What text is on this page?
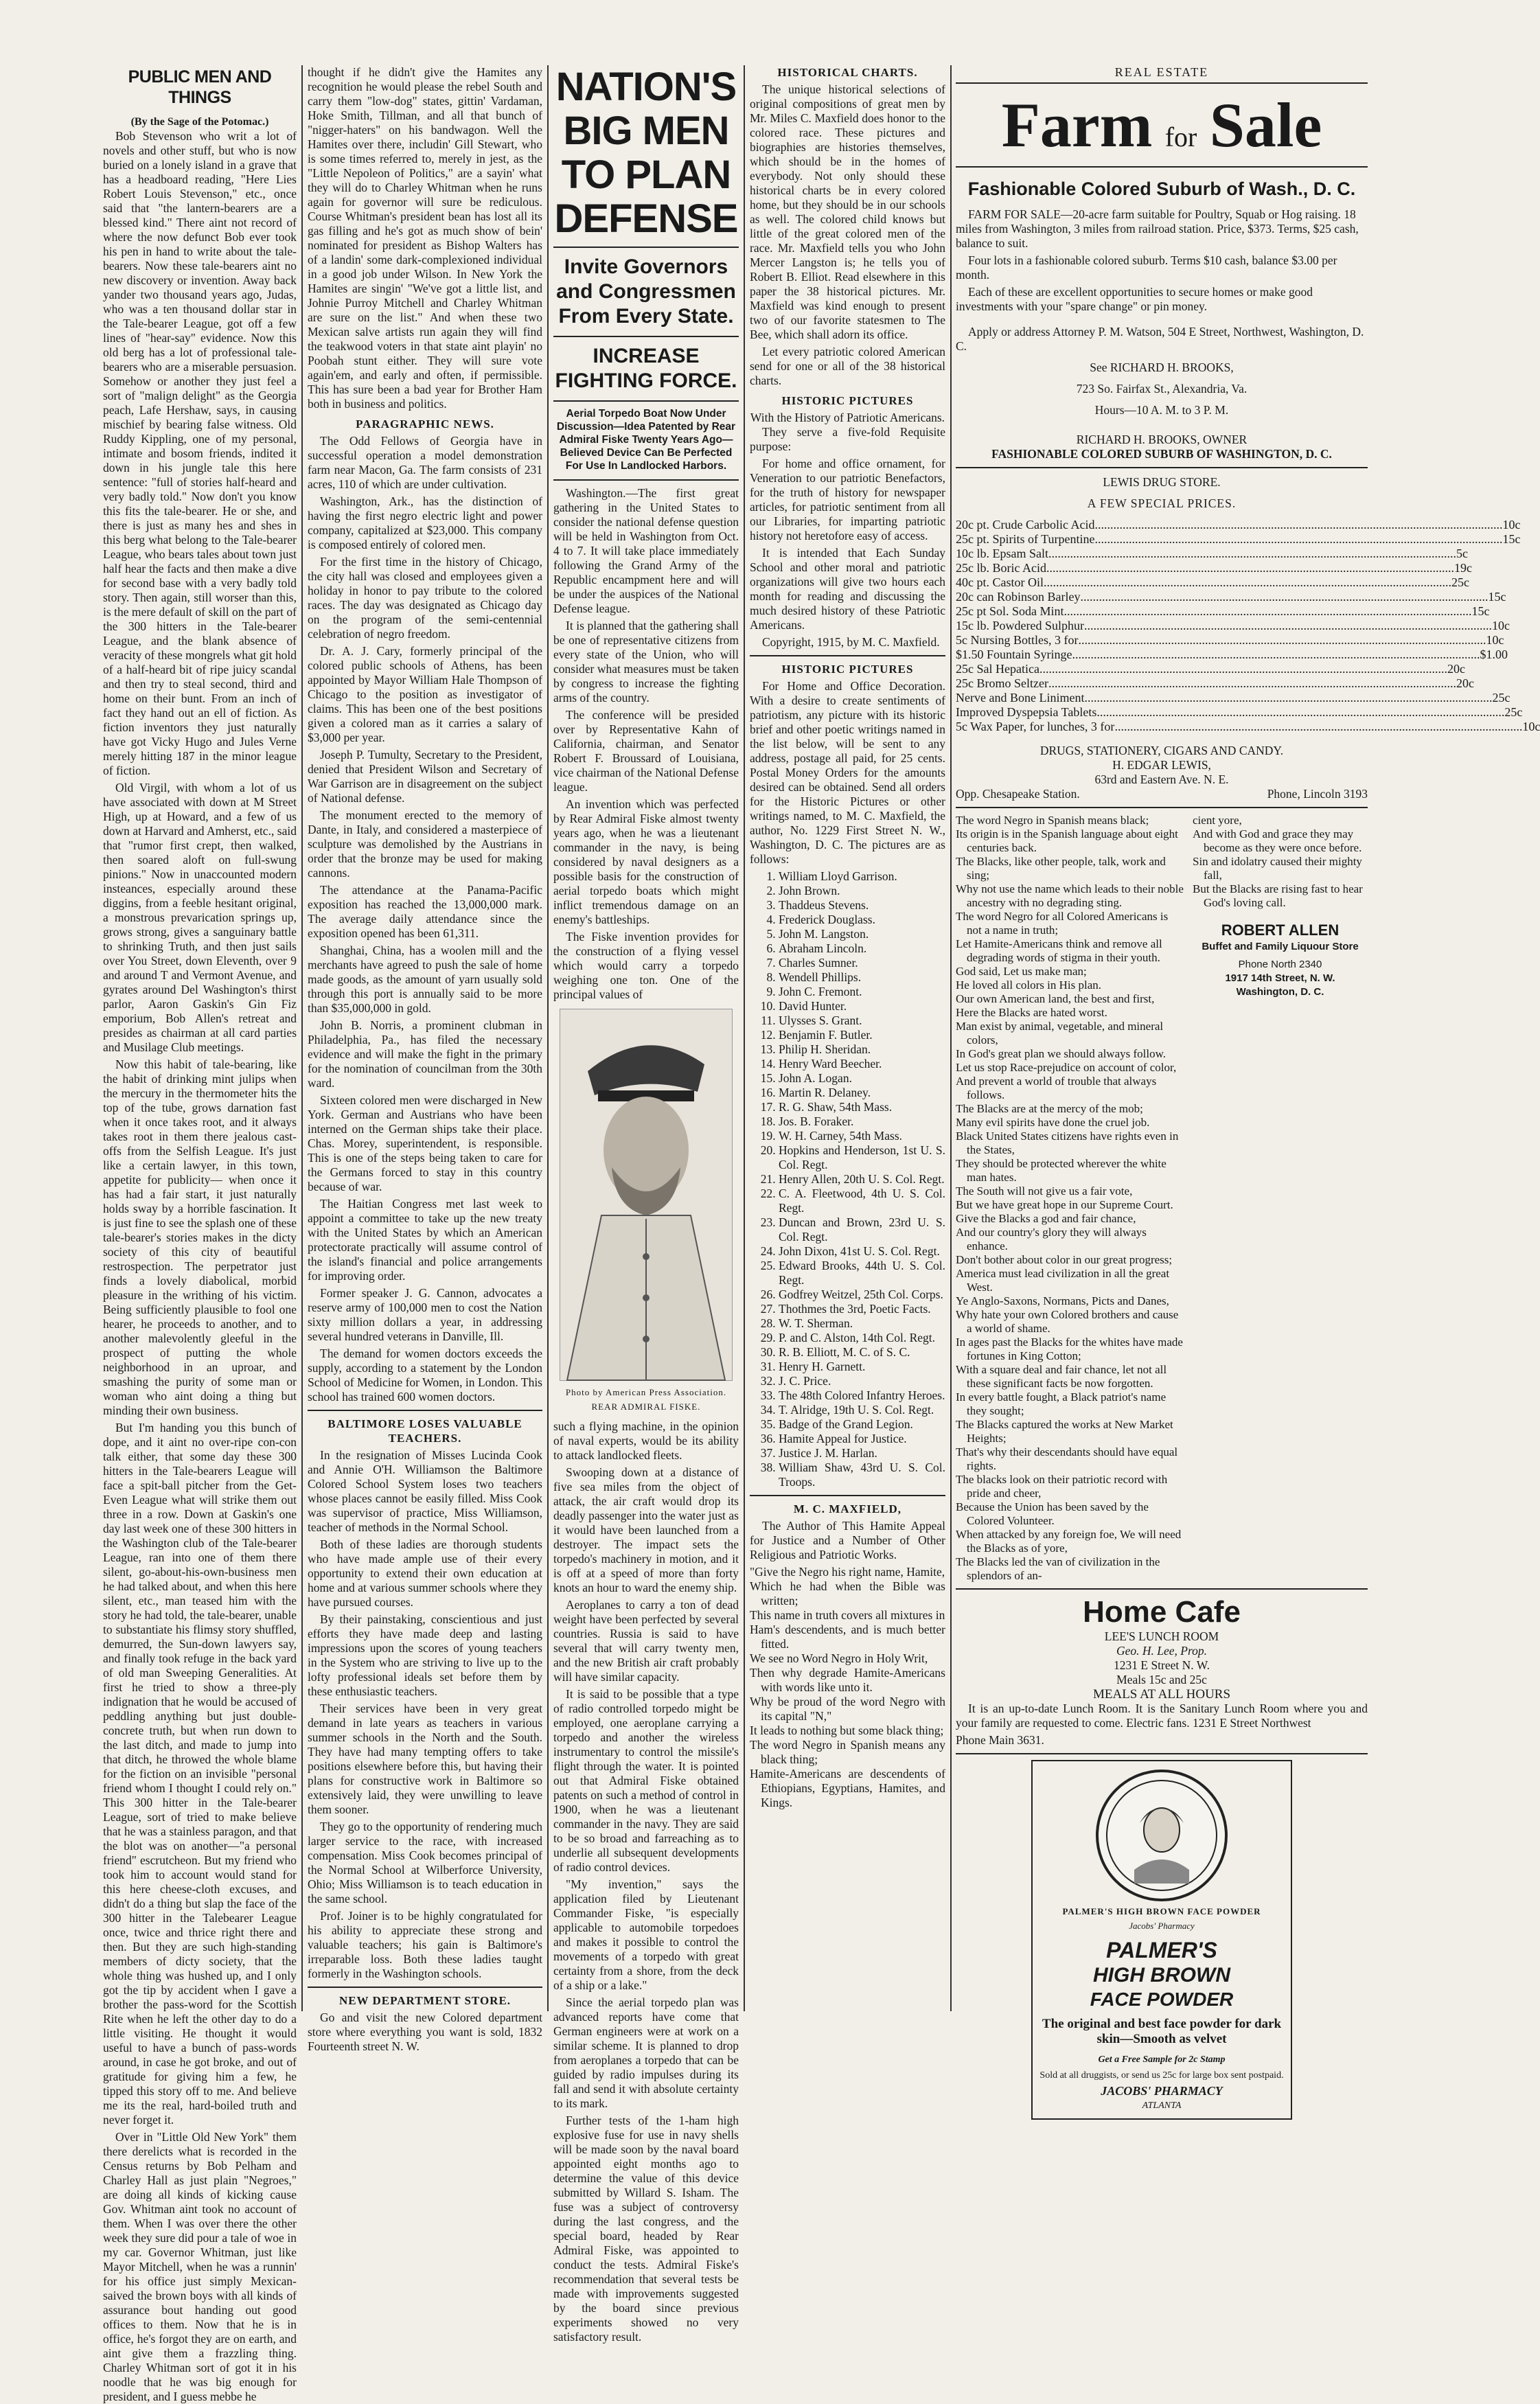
PUBLIC MEN AND THINGS
(By the Sage of the Potomac.)

Bob Stevenson who writ a lot of novels and other stuff, but who is now buried on a lonely island in a grave that has a headboard reading, "Here Lies Robert Louis Stevenson," etc., once said that "the lantern-bearers are a blessed kind." There aint not record of where the now defunct Bob ever took his pen in hand to write about the tale-bearers. Now these tale-bearers aint no new discovery or invention. Away back yander two thousand years ago, Judas, who was a ten thousand dollar star in the Tale-bearer League, got off a few lines of "hear-say" evidence. Now this old berg has a lot of professional tale-bearers who are a miserable persuasion. Somehow or another they just feel a sort of "malign delight" as the Georgia peach, Lafe Hershaw, says, in causing mischief by bearing false witness. Old Ruddy Kippling, one of my personal, intimate and bosom friends, indited it down in his jungle tale this here sentence: "full of stories half-heard and very badly told." Now don't you know this fits the tale-bearer. He or she, and there is just as many hes and shes in this berg what belong to the Tale-bearer League, who bears tales about town just half hear the facts and then make a dive for second base with a very badly told story. Then again, still worser than this, is the mere default of skill on the part of the 300 hitters in the Tale-bearer League, and the blank absence of veracity of these mongrels what git hold of a half-heard bit of ripe juicy scandal and then try to steal second, third and home on their bunt. From an inch of fact they hand out an ell of fiction. As fiction inventors they just naturally have got Vicky Hugo and Jules Verne merely hitting 187 in the minor league of fiction.

Old Virgil, with whom a lot of us have associated with down at M Street High, up at Howard, and a few of us down at Harvard and Amherst, etc., said that "rumor first crept, then walked, then soared aloft on full-swung pinions." Now in unaccounted modern insteances, especially around these diggins, from a feeble hesitant original, a monstrous prevarication springs up, grows strong, gives a sanguinary battle to shrinking Truth, and then just sails over You Street, down Eleventh, over 9 and around T and Vermont Avenue, and gyrates around Del Washington's thirst parlor, Aaron Gaskin's Gin Fiz emporium, Bob Allen's retreat and presides as chairman at all card parties and Musilage Club meetings.

Now this habit of tale-bearing, like the habit of drinking mint julips when the mercury in the thermometer hits the top of the tube, grows darnation fast when it once takes root, and it always takes root in them there jealous cast-offs from the Selfish League. It's just like a certain lawyer, in this town, appetite for publicity— when once it has had a fair start, it just naturally holds sway by a horrible fascination. It is just fine to see the splash one of these tale-bearer's stories makes in the dicty society of this city of beautiful restrospection. The perpetrator just finds a lovely diabolical, morbid pleasure in the writhing of his victim. Being sufficiently plausible to fool one hearer, he proceeds to another, and to another malevolently gleeful in the prospect of putting the whole neighborhood in an uproar, and smashing the purity of some man or woman who aint doing a thing but minding their own business.

But I'm handing you this bunch of dope, and it aint no over-ripe con-con talk either, that some day these 300 hitters in the Tale-bearers League will face a spit-ball pitcher from the Get-Even League what will strike them out three in a row. Down at Gaskin's one day last week one of these 300 hitters in the Washington club of the Tale-bearer League, ran into one of them there silent, go-about-his-own-business men he had talked about, and when this here silent, etc., man teased him with the story he had told, the tale-bearer, unable to substantiate his flimsy story shuffled, demurred, the Sun-down lawyers say, and finally took refuge in the back yard of old man Sweeping Generalities. At first he tried to show a three-ply indignation that he would be accused of peddling anything but just double-concrete truth, but when run down to the last ditch, and made to jump into that ditch, he throwed the whole blame for the fiction on an invisible "personal friend whom I thought I could rely on." This 300 hitter in the Tale-bearer League, sort of tried to make believe that he was a stainless paragon, and that the blot was on another—"a personal friend" escrutcheon. But my friend who took him to account would stand for this here cheese-cloth excuses, and didn't do a thing but slap the face of the 300 hitter in the Talebearer League once, twice and thrice right there and then. But they are such high-standing members of dicty society, that the whole thing was hushed up, and I only got the tip by accident when I gave a brother the pass-word for the Scottish Rite when he left the other day to do a little visiting. He thought it would useful to have a bunch of pass-words around, in case he got broke, and out of gratitude for giving him a few, he tipped this story off to me. And believe me its the real, hard-boiled truth and never forget it.

Over in "Little Old New York" them there derelicts what is recorded in the Census returns by Bob Pelham and Charley Hall as just plain "Negroes," are doing all kinds of kicking cause Gov. Whitman aint took no account of them. When I was over there the other week they sure did pour a tale of woe in my car. Governor Whitman, just like Mayor Mitchell, when he was a runnin' for his office just simply Mexican-saived the brown boys with all kinds of assurance bout handing out good offices to them. Now that he is in office, he's forgot they are on earth, and aint give them a frazzling thing. Charley Whitman sort of got it in his noodle that he was big enough for president, and I guess mebbe he

thought if he didn't give the Hamites any recognition he would please the rebel South and carry them "low-dog" states, gittin' Vardaman, Hoke Smith, Tillman, and all that bunch of "nigger-haters" on his bandwagon. Well the Hamites over there, includin' Gill Stewart, who is some times referred to, merely in jest, as the "Little Nepoleon of Politics," are a sayin' what they will do to Charley Whitman when he runs again for governor will sure be rediculous. Course Whitman's president bean has lost all its gas filling and he's got as much show of bein' nominated for president as Bishop Walters has of a landin' some dark-complexioned individual in a good job under Wilson. In New York the Hamites are singin' "We've got a little list, and Johnie Purroy Mitchell and Charley Whitman are sure on the list." And when these two Mexican salve artists run again they will find the teakwood voters in that state aint playin' no Poobah stunt either. They will sure vote again'em, and early and often, if permissible. This has sure been a bad year for Brother Ham both in business and politics.

PARAGRAPHIC NEWS.

The Odd Fellows of Georgia have in successful operation a model demonstration farm near Macon, Ga. The farm consists of 231 acres, 110 of which are under cultivation.

Washington, Ark., has the distinction of having the first negro electric light and power company, capitalized at $23,000. This company is composed entirely of colored men.

For the first time in the history of Chicago, the city hall was closed and employees given a holiday in honor to pay tribute to the colored races. The day was designated as Chicago day on the program of the semi-centennial celebration of negro freedom.

Dr. A. J. Cary, formerly principal of the colored public schools of Athens, has been appointed by Mayor William Hale Thompson of Chicago to the position as investigator of claims. This has been one of the best positions given a colored man as it carries a salary of $3,000 per year.

Joseph P. Tumulty, Secretary to the President, denied that President Wilson and Secretary of War Garrison are in disagreement on the subject of National defense.

The monument erected to the memory of Dante, in Italy, and considered a masterpiece of sculpture was demolished by the Austrians in order that the bronze may be used for making cannons.

The attendance at the Panama-Pacific exposition has reached the 13,000,000 mark. The average daily attendance since the exposition opened has been 61,311.

Shanghai, China, has a woolen mill and the merchants have agreed to push the sale of home made goods, as the amount of yarn usually sold through this port is annually said to be more than $35,000,000 in gold.

John B. Norris, a prominent clubman in Philadelphia, Pa., has filed the necessary evidence and will make the fight in the primary for the nomination of councilman from the 30th ward.

Sixteen colored men were discharged in New York. German and Austrians who have been interned on the German ships take their place. Chas. Morey, superintendent, is responsible. This is one of the steps being taken to care for the Germans forced to stay in this country because of war.

The Haitian Congress met last week to appoint a committee to take up the new treaty with the United States by which an American protectorate practically will assume control of the island's financial and police arrangements for improving order.

Former speaker J. G. Cannon, advocates a reserve army of 100,000 men to cost the Nation sixty million dollars a year, in addressing several hundred veterans in Danville, Ill.

The demand for women doctors exceeds the supply, according to a statement by the London School of Medicine for Women, in London. This school has trained 600 women doctors.

BALTIMORE LOSES VALUABLE TEACHERS.

In the resignation of Misses Lucinda Cook and Annie O'H. Williamson the Baltimore Colored School System loses two teachers whose places cannot be easily filled. Miss Cook was supervisor of practice, Miss Williamson, teacher of methods in the Normal School.

Both of these ladies are thorough students who have made ample use of their every opportunity to extend their own education at home and at various summer schools where they have pursued courses.

By their painstaking, conscientious and just efforts they have made deep and lasting impressions upon the scores of young teachers in the System who are striving to live up to the lofty professional ideals set before them by these enthusiastic teachers.

Their services have been in very great demand in late years as teachers in various summer schools in the North and the South. They have had many tempting offers to take positions elsewhere before this, but having their plans for constructive work in Baltimore so extensively laid, they were unwilling to leave them sooner.

They go to the opportunity of rendering much larger service to the race, with increased compensation. Miss Cook becomes principal of the Normal School at Wilberforce University, Ohio; Miss Williamson is to teach education in the same school.

Prof. Joiner is to be highly congratulated for his ability to appreciate these strong and valuable teachers; his gain is Baltimore's irreparable loss. Both these ladies taught formerly in the Washington schools.

NEW DEPARTMENT STORE.

Go and visit the new Colored department store where everything you want is sold, 1832 Fourteenth street N. W.

NATION'S BIG MEN TO PLAN DEFENSE
Invite Governors and Congressmen From Every State.
INCREASE FIGHTING FORCE.
Aerial Torpedo Boat Now Under Discussion—Idea Patented by Rear Admiral Fiske Twenty Years Ago—Believed Device Can Be Perfected For Use In Landlocked Harbors.

Washington.—The first great gathering in the United States to consider the national defense question will be held in Washington from Oct. 4 to 7. It will take place immediately following the Grand Army of the Republic encampment here and will be under the auspices of the National Defense league.

It is planned that the gathering shall be one of representative citizens from every state of the Union, who will consider what measures must be taken by congress to increase the fighting arms of the country.

The conference will be presided over by Representative Kahn of California, chairman, and Senator Robert F. Broussard of Louisiana, vice chairman of the National Defense league.

An invention which was perfected by Rear Admiral Fiske almost twenty years ago, when he was a lieutenant commander in the navy, is being considered by naval designers as a possible basis for the construction of aerial torpedo boats which might inflict tremendous damage on an enemy's battleships.

The Fiske invention provides for the construction of a flying vessel which would carry a torpedo weighing one ton. One of the principal values of

Photo by American Press Association.
REAR ADMIRAL FISKE.

such a flying machine, in the opinion of naval experts, would be its ability to attack landlocked fleets.

Swooping down at a distance of five sea miles from the object of attack, the air craft would drop its deadly passenger into the water just as it would have been launched from a destroyer. The impact sets the torpedo's machinery in motion, and it is off at a speed of more than forty knots an hour to ward the enemy ship.

Aeroplanes to carry a ton of dead weight have been perfected by several countries. Russia is said to have several that will carry twenty men, and the new British air craft probably will have similar capacity.

It is said to be possible that a type of radio controlled torpedo might be employed, one aeroplane carrying a torpedo and another the wireless instrumentary to control the missile's flight through the water. It is pointed out that Admiral Fiske obtained patents on such a method of control in 1900, when he was a lieutenant commander in the navy. They are said to be so broad and farreaching as to underlie all subsequent developments of radio control devices.

"My invention," says the application filed by Lieutenant Commander Fiske, "is especially applicable to automobile torpedoes and makes it possible to control the movements of a torpedo with great certainty from a shore, from the deck of a ship or a lake."

Since the aerial torpedo plan was advanced reports have come that German engineers were at work on a similar scheme. It is planned to drop from aeroplanes a torpedo that can be guided by radio impulses during its fall and send it with absolute certainty to its mark.

Further tests of the 1-ham high explosive fuse for use in navy shells will be made soon by the naval board appointed eight months ago to determine the value of this device submitted by Willard S. Isham. The fuse was a subject of controversy during the last congress, and the special board, headed by Rear Admiral Fiske, was appointed to conduct the tests. Admiral Fiske's recommendation that several tests be made with improvements suggested by the board since previous experiments showed no very satisfactory result.

HISTORICAL CHARTS.

The unique historical selections of original compositions of great men by Mr. Miles C. Maxfield does honor to the colored race. These pictures and biographies are histories themselves, which should be in the homes of everybody. Not only should these historical charts be in every colored home, but they should be in our schools as well. The colored child knows but little of the great colored men of the race. Mr. Maxfield tells you who John Mercer Langston is; he tells you of Robert B. Elliot. Read elsewhere in this paper the 38 historical pictures. Mr. Maxfield was kind enough to present two of our favorite statesmen to The Bee, which shall adorn its office.

Let every patriotic colored American send for one or all of the 38 historical charts.

HISTORIC PICTURES
With the History of Patriotic Americans.

They serve a five-fold Requisite purpose:

For home and office ornament, for Veneration to our patriotic Benefactors, for the truth of history for newspaper articles, for patriotic sentiment from all our Libraries, for imparting patriotic history not heretofore easy of access.

It is intended that Each Sunday School and other moral and patriotic organizations will give two hours each month for reading and discussing the much desired history of these Patriotic Americans.

Copyright, 1915, by M. C. Maxfield.

HISTORIC PICTURES

For Home and Office Decoration. With a desire to create sentiments of patriotism, any picture with its historic brief and other poetic writings named in the list below, will be sent to any address, postage all paid, for 25 cents. Postal Money Orders for the amounts desired can be obtained. Send all orders for the Historic Pictures or other writings named, to M. C. Maxfield, the author, No. 1229 First Street N. W., Washington, D. C. The pictures are as follows:

1. William Lloyd Garrison.
2. John Brown.
3. Thaddeus Stevens.
4. Frederick Douglass.
5. John M. Langston.
6. Abraham Lincoln.
7. Charles Sumner.
8. Wendell Phillips.
9. John C. Fremont.
10. David Hunter.
11. Ulysses S. Grant.
12. Benjamin F. Butler.
13. Philip H. Sheridan.
14. Henry Ward Beecher.
15. John A. Logan.
16. Martin R. Delaney.
17. R. G. Shaw, 54th Mass.
18. Jos. B. Foraker.
19. W. H. Carney, 54th Mass.
20. Hopkins and Henderson, 1st U. S. Col. Regt.
21. Henry Allen, 20th U. S. Col. Regt.
22. C. A. Fleetwood, 4th U. S. Col. Regt.
23. Duncan and Brown, 23rd U. S. Col. Regt.
24. John Dixon, 41st U. S. Col. Regt.
25. Edward Brooks, 44th U. S. Col. Regt.
26. Godfrey Weitzel, 25th Col. Corps.
27. Thothmes the 3rd, Poetic Facts.
28. W. T. Sherman.
29. P. and C. Alston, 14th Col. Regt.
30. R. B. Elliott, M. C. of S. C.
31. Henry H. Garnett.
32. J. C. Price.
33. The 48th Colored Infantry Heroes.
34. T. Alridge, 19th U. S. Col. Regt.
35. Badge of the Grand Legion.
36. Hamite Appeal for Justice.
37. Justice J. M. Harlan.
38. William Shaw, 43rd U. S. Col. Troops.
M. C. MAXFIELD,

The Author of This Hamite Appeal for Justice and a Number of Other Religious and Patriotic Works.

"Give the Negro his right name, Hamite,

Which he had when the Bible was written;

This name in truth covers all mixtures in

Ham's descendents, and is much better fitted.

We see no Word Negro in Holy Writ,

Then why degrade Hamite-Americans with words like unto it.

Why be proud of the word Negro with its capital "N,"

It leads to nothing but some black thing;

The word Negro in Spanish means any black thing;

Hamite-Americans are descendents of Ethiopians, Egyptians, Hamites, and Kings.

REAL ESTATE
Farm for Sale
Fashionable Colored Suburb of Wash., D. C.

FARM FOR SALE—20-acre farm suitable for Poultry, Squab or Hog raising. 18 miles from Washington, 3 miles from railroad station. Price, $373. Terms, $25 cash, balance to suit.

Four lots in a fashionable colored suburb. Terms $10 cash, balance $3.00 per month.

Each of these are excellent opportunities to secure homes or make good investments with your "spare change" or pin money.

Apply or address Attorney P. M. Watson, 504 E Street, Northwest, Washington, D. C.

See RICHARD H. BROOKS,
723 So. Fairfax St., Alexandria, Va.
Hours—10 A. M. to 3 P. M.
RICHARD H. BROOKS, OWNER
FASHIONABLE COLORED SUBURB OF WASHINGTON, D. C.
LEWIS DRUG STORE.
A FEW SPECIAL PRICES.
20c pt. Crude Carbolic Acid .....	10c
25c pt. Spirits of Turpentine .....	15c
10c lb. Epsam Salt .....	5c
25c lb. Boric Acid .....	19c
40c pt. Castor Oil .....	25c
20c can Robinson Barley .....	15c
25c pt Sol. Soda Mint .....	15c
15c lb. Powdered Sulphur .....	10c
5c Nursing Bottles, 3 for .....	10c
$1.50 Fountain Syringe .....	$1.00
25c Sal Hepatica .....	20c
25c Bromo Seltzer .....	20c
Nerve and Bone Liniment .....	25c
Improved Dyspepsia Tablets .....	25c
5c Wax Paper, for lunches, 3 for .....	10c
DRUGS, STATIONERY, CIGARS AND CANDY.
H. EDGAR LEWIS,
63rd and Eastern Ave. N. E.
Opp. Chesapeake Station.	Phone, Lincoln 3193

The word Negro in Spanish means black;

Its origin is in the Spanish language about eight centuries back.

The Blacks, like other people, talk, work and sing;

Why not use the name which leads to their noble ancestry with no degrading sting.

The word Negro for all Colored Americans is not a name in truth;

Let Hamite-Americans think and remove all degrading words of stigma in their youth.

God said, Let us make man;

He loved all colors in His plan.

Our own American land, the best and first,

Here the Blacks are hated worst.

Man exist by animal, vegetable, and mineral colors,

In God's great plan we should always follow.

Let us stop Race-prejudice on account of color,

And prevent a world of trouble that always follows.

The Blacks are at the mercy of the mob;

Many evil spirits have done the cruel job.

Black United States citizens have rights even in the States,

They should be protected wherever the white man hates.

The South will not give us a fair vote,

But we have great hope in our Supreme Court.

Give the Blacks a god and fair chance,

And our country's glory they will always enhance.

Don't bother about color in our great progress;

America must lead civilization in all the great West.

Ye Anglo-Saxons, Normans, Picts and Danes,

Why hate your own Colored brothers and cause a world of shame.

In ages past the Blacks for the whites have made fortunes in King Cotton;

With a square deal and fair chance, let not all these significant facts be now forgotten.

In every battle fought, a Black patriot's name they sought;

The Blacks captured the works at New Market Heights;

That's why their descendants should have equal rights.

The blacks look on their patriotic record with pride and cheer,

Because the Union has been saved by the Colored Volunteer.

When attacked by any foreign foe, We will need the Blacks as of yore,

The Blacks led the van of civilization in the splendors of an-

cient yore,

And with God and grace they may become as they were once before.

Sin and idolatry caused their mighty fall,

But the Blacks are rising fast to hear God's loving call.

ROBERT ALLEN
Buffet and Family Liquour Store
Phone North 2340
1917 14th Street, N. W.
Washington, D. C.
Home Cafe
LEE'S LUNCH ROOM
Geo. H. Lee, Prop.
1231 E Street N. W.
Meals 15c and 25c
MEALS AT ALL HOURS

It is an up-to-date Lunch Room. It is the Sanitary Lunch Room where you and your family are requested to come. Electric fans. 1231 E Street Northwest

Phone Main 3631.
PALMER'S HIGH BROWN FACE POWDER
Jacobs' Pharmacy
PALMER'S
HIGH BROWN
FACE POWDER
The original and best face powder for dark skin—Smooth as velvet
Get a Free Sample for 2c Stamp
Sold at all druggists, or send us 25c for large box sent postpaid.
JACOBS' PHARMACY
ATLANTA
